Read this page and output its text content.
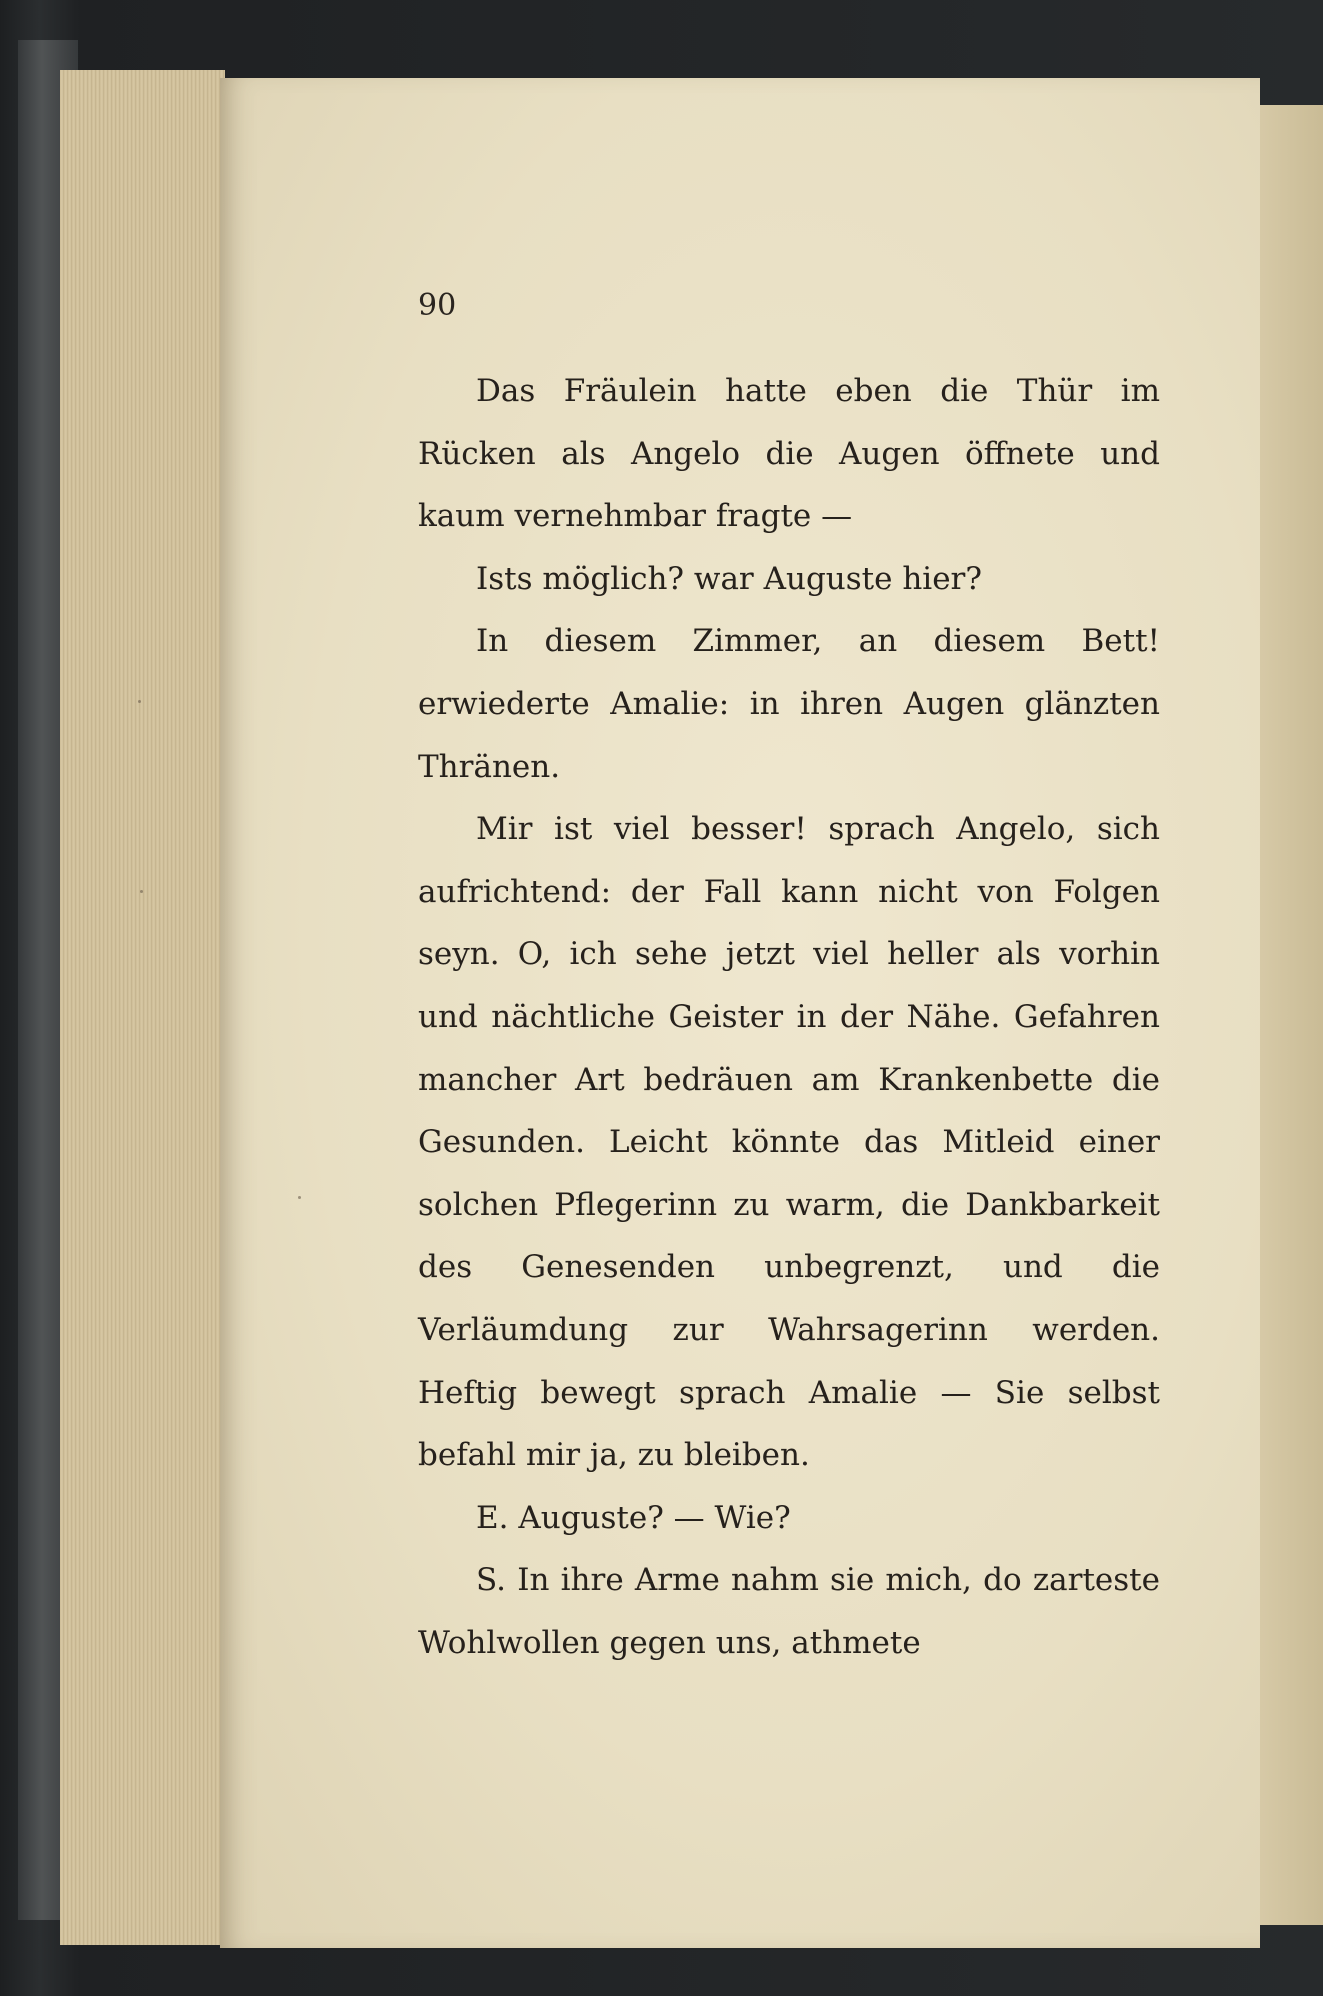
90

Das Fräulein hatte eben die Thür im Rücken als Angelo die Augen öffnete und kaum vernehmbar fragte —

Ists möglich? war Auguste hier?

In diesem Zimmer, an diesem Bett! erwiederte Amalie: in ihren Augen glänzten Thränen.

Mir ist viel besser! sprach Angelo, sich aufrichtend: der Fall kann nicht von Folgen seyn. O, ich sehe jetzt viel heller als vorhin und nächtliche Geister in der Nähe. Gefahren mancher Art bedräuen am Krankenbette die Gesunden. Leicht könnte das Mitleid einer solchen Pflegerinn zu warm, die Dankbarkeit des Genesenden unbegrenzt, und die Verläumdung zur Wahrsagerinn werden. Heftig bewegt sprach Amalie — Sie selbst befahl mir ja, zu bleiben.

E. Auguste? — Wie?

S. In ihre Arme nahm sie mich, do zarteste Wohlwollen gegen uns, athmete
